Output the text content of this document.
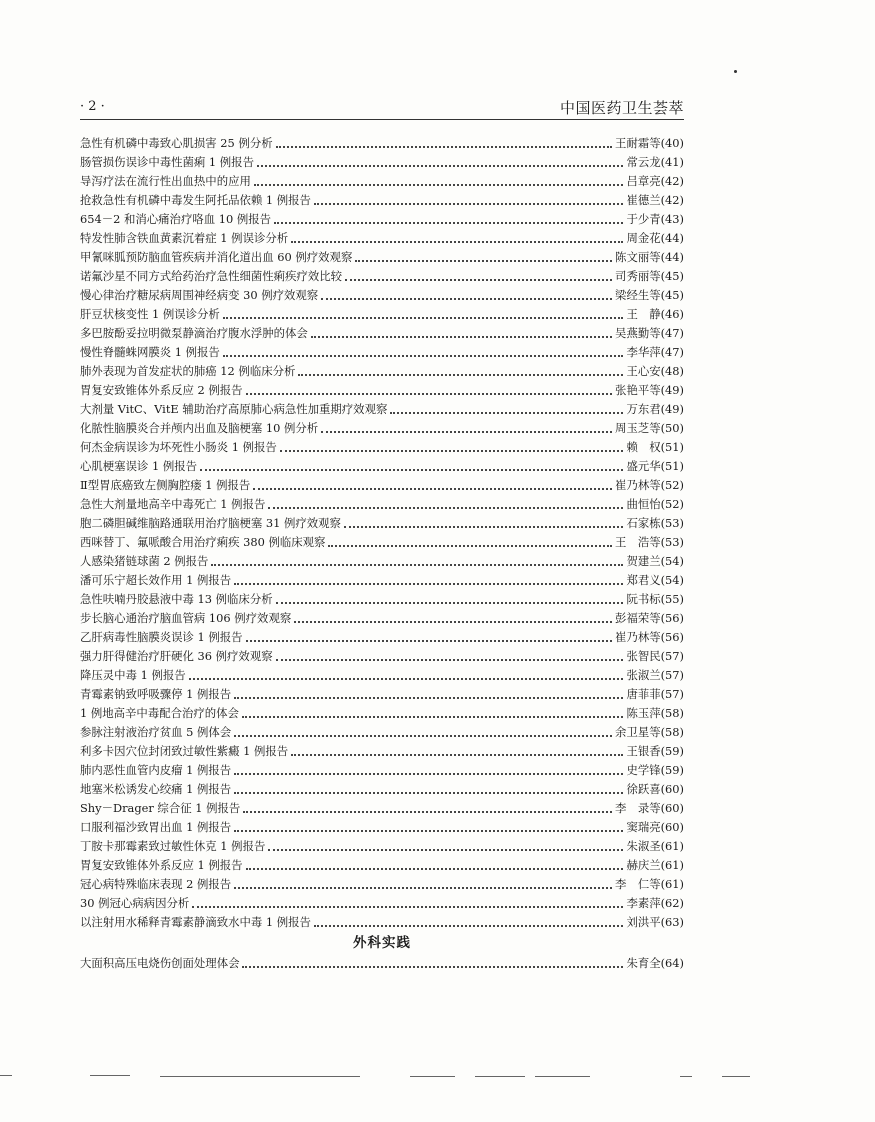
· 2 ·	中国医药卫生荟萃
急性有机磷中毒致心肌损害 25 例分析	王耐霜等(40)
肠管损伤误诊中毒性菌痢 1 例报告	常云龙(41)
导泻疗法在流行性出血热中的应用	吕章亮(42)
抢救急性有机磷中毒发生阿托品依赖 1 例报告	崔德兰(42)
654－2 和消心痛治疗咯血 10 例报告	于少青(43)
特发性肺含铁血黄素沉着症 1 例误诊分析	周金花(44)
甲氰咪胍预防脑血管疾病并消化道出血 60 例疗效观察	陈文丽等(44)
诺氟沙星不同方式给药治疗急性细菌性痢疾疗效比较	司秀丽等(45)
慢心律治疗糖尿病周围神经病变 30 例疗效观察	梁经生等(45)
肝豆状核变性 1 例误诊分析	王　静(46)
多巴胺酚妥拉明微泵静滴治疗腹水浮肿的体会	吴燕勤等(47)
慢性脊髓蛛网膜炎 1 例报告	李华萍(47)
肺外表现为首发症状的肺癌 12 例临床分析	王心安(48)
胃复安致锥体外系反应 2 例报告	张艳平等(49)
大剂量 VitC、VitE 辅助治疗高原肺心病急性加重期疗效观察	万东君(49)
化脓性脑膜炎合并颅内出血及脑梗塞 10 例分析	周玉芝等(50)
何杰金病误诊为坏死性小肠炎 1 例报告	赖　权(51)
心肌梗塞误诊 1 例报告	盛元华(51)
Ⅱ型胃底癌致左侧胸腔瘘 1 例报告	崔乃林等(52)
急性大剂量地高辛中毒死亡 1 例报告	曲恒怡(52)
胞二磷胆碱维脑路通联用治疗脑梗塞 31 例疗效观察	石家栋(53)
西咪替丁、氟哌酸合用治疗痢疾 380 例临床观察	王　浩等(53)
人感染猪链球菌 2 例报告	贺建兰(54)
潘可乐宁超长效作用 1 例报告	郑君义(54)
急性呋喃丹胶悬液中毒 13 例临床分析	阮书标(55)
步长脑心通治疗脑血管病 106 例疗效观察	彭福荣等(56)
乙肝病毒性脑膜炎误诊 1 例报告	崔乃林等(56)
强力肝得健治疗肝硬化 36 例疗效观察	张智民(57)
降压灵中毒 1 例报告	张淑兰(57)
青霉素钠致呼吸骤停 1 例报告	唐菲菲(57)
1 例地高辛中毒配合治疗的体会	陈玉萍(58)
参脉注射液治疗贫血 5 例体会	余卫星等(58)
利多卡因穴位封闭致过敏性紫癜 1 例报告	王银香(59)
肺内恶性血管内皮瘤 1 例报告	史学锋(59)
地塞米松诱发心绞痛 1 例报告	徐跃喜(60)
Shy－Drager 综合征 1 例报告	李　录等(60)
口服利福沙致胃出血 1 例报告	窦瑞亮(60)
丁胺卡那霉素致过敏性休克 1 例报告	朱淑圣(61)
胃复安致锥体外系反应 1 例报告	赫庆兰(61)
冠心病特殊临床表现 2 例报告	李　仁等(61)
30 例冠心病病因分析	李素萍(62)
以注射用水稀释青霉素静滴致水中毒 1 例报告	刘洪平(63)
外科实践
大面积高压电烧伤创面处理体会	朱育全(64)
